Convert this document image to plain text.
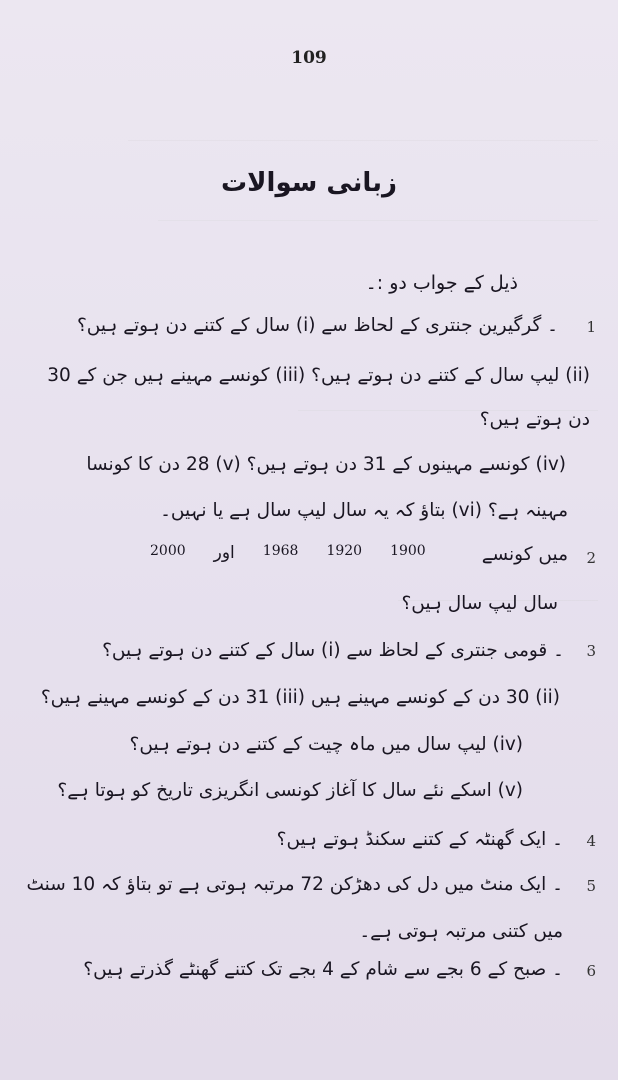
109
زبانی سوالات
ذیل کے جواب دو :۔
1
۔ گرگیرین جنتری کے لحاظ سے (i) سال کے کتنے دن ہوتے ہیں؟
(ii) لیپ سال کے کتنے دن ہوتے ہیں؟ (iii) کونسے مہینے ہیں جن کے 30
دن ہوتے ہیں؟
(iv) کونسے مہینوں کے 31 دن ہوتے ہیں؟ (v) 28 دن کا کونسا
مہینہ ہے؟ (vi) بتاؤ کہ یہ سال لیپ سال ہے یا نہیں۔
2
میں کونسے
2000 اور 1968 1920 1900
سال لیپ سال ہیں؟
3
۔ قومی جنتری کے لحاظ سے (i) سال کے کتنے دن ہوتے ہیں؟
(ii) 30 دن کے کونسے مہینے ہیں (iii) 31 دن کے کونسے مہینے ہیں؟
(iv) لیپ سال میں ماہ چیت کے کتنے دن ہوتے ہیں؟
(v) اسکے نئے سال کا آغاز کونسی انگریزی تاریخ کو ہوتا ہے؟
4
۔ ایک گھنٹہ کے کتنے سکنڈ ہوتے ہیں؟
5
۔ ایک منٹ میں دل کی دھڑکن 72 مرتبہ ہوتی ہے تو بتاؤ کہ 10 سنٹ
میں کتنی مرتبہ ہوتی ہے۔
6
۔ صبح کے 6 بجے سے شام کے 4 بجے تک کتنے گھنٹے گذرتے ہیں؟
